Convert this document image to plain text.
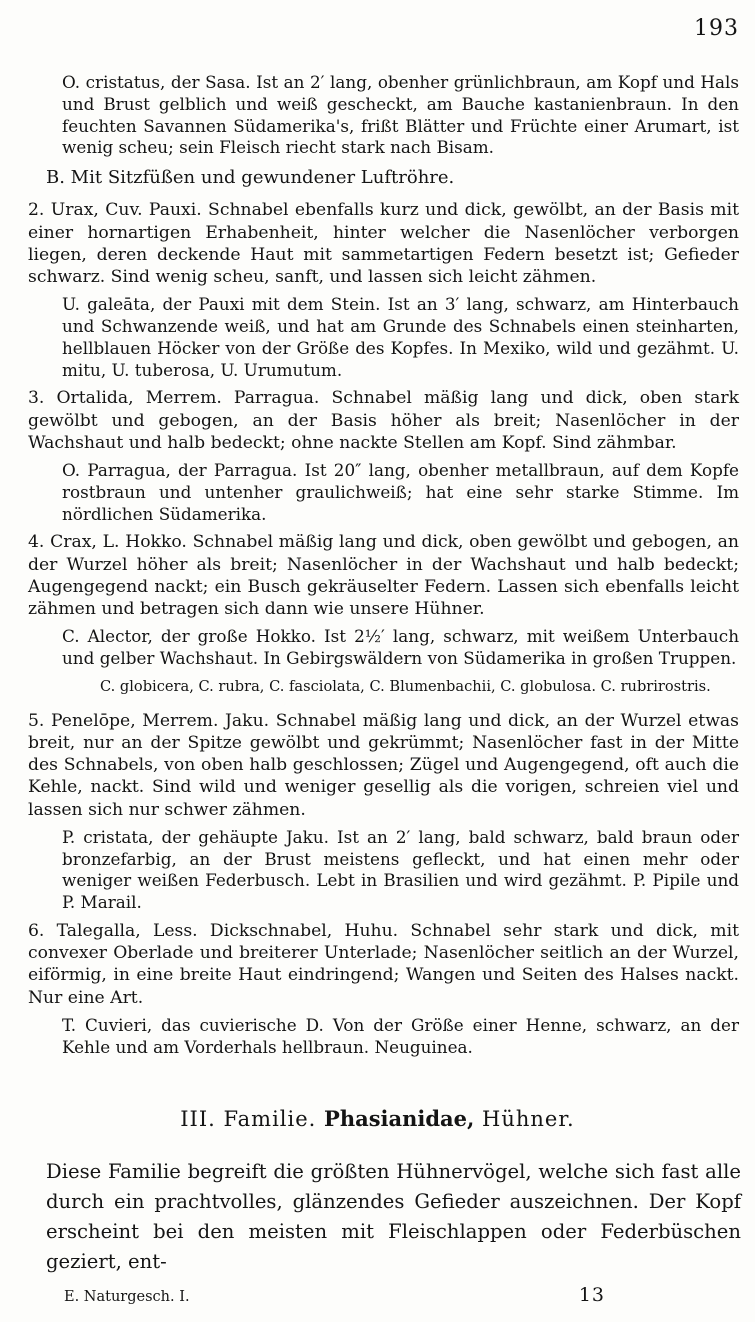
193

O. cristatus, der Sasa. Ist an 2′ lang, obenher grünlichbraun, am Kopf und Hals und Brust gelblich und weiß gescheckt, am Bauche kastanienbraun. In den feuchten Savannen Südamerika's, frißt Blätter und Früchte einer Arumart, ist wenig scheu; sein Fleisch riecht stark nach Bisam.

B. Mit Sitzfüßen und gewundener Luftröhre.

2. Urax, Cuv. Pauxi. Schnabel ebenfalls kurz und dick, gewölbt, an der Basis mit einer hornartigen Erhabenheit, hinter welcher die Nasenlöcher verborgen liegen, deren deckende Haut mit sammetartigen Federn besetzt ist; Gefieder schwarz. Sind wenig scheu, sanft, und lassen sich leicht zähmen.

U. galeāta, der Pauxi mit dem Stein. Ist an 3′ lang, schwarz, am Hinterbauch und Schwanzende weiß, und hat am Grunde des Schnabels einen steinharten, hellblauen Höcker von der Größe des Kopfes. In Mexiko, wild und gezähmt. U. mitu, U. tuberosa, U. Urumutum.

3. Ortalida, Merrem. Parragua. Schnabel mäßig lang und dick, oben stark gewölbt und gebogen, an der Basis höher als breit; Nasenlöcher in der Wachshaut und halb bedeckt; ohne nackte Stellen am Kopf. Sind zähmbar.

O. Parragua, der Parragua. Ist 20″ lang, obenher metallbraun, auf dem Kopfe rostbraun und untenher graulichweiß; hat eine sehr starke Stimme. Im nördlichen Südamerika.

4. Crax, L. Hokko. Schnabel mäßig lang und dick, oben gewölbt und gebogen, an der Wurzel höher als breit; Nasenlöcher in der Wachshaut und halb bedeckt; Augengegend nackt; ein Busch gekräuselter Federn. Lassen sich ebenfalls leicht zähmen und betragen sich dann wie unsere Hühner.

C. Alector, der große Hokko. Ist 2½′ lang, schwarz, mit weißem Unterbauch und gelber Wachshaut. In Gebirgswäldern von Südamerika in großen Truppen.

C. globicera, C. rubra, C. fasciolata, C. Blumenbachii, C. globulosa. C. rubrirostris.

5. Penelōpe, Merrem. Jaku. Schnabel mäßig lang und dick, an der Wurzel etwas breit, nur an der Spitze gewölbt und gekrümmt; Nasenlöcher fast in der Mitte des Schnabels, von oben halb geschlossen; Zügel und Augengegend, oft auch die Kehle, nackt. Sind wild und weniger gesellig als die vorigen, schreien viel und lassen sich nur schwer zähmen.

P. cristata, der gehäupte Jaku. Ist an 2′ lang, bald schwarz, bald braun oder bronzefarbig, an der Brust meistens gefleckt, und hat einen mehr oder weniger weißen Federbusch. Lebt in Brasilien und wird gezähmt. P. Pipile und P. Marail.

6. Talegalla, Less. Dickschnabel, Huhu. Schnabel sehr stark und dick, mit convexer Oberlade und breiterer Unterlade; Nasenlöcher seitlich an der Wurzel, eiförmig, in eine breite Haut eindringend; Wangen und Seiten des Halses nackt. Nur eine Art.

T. Cuvieri, das cuvierische D. Von der Größe einer Henne, schwarz, an der Kehle und am Vorderhals hellbraun. Neuguinea.

III. Familie. Phasianidae, Hühner.

Diese Familie begreift die größten Hühnervögel, welche sich fast alle durch ein prachtvolles, glänzendes Gefieder auszeichnen. Der Kopf erscheint bei den meisten mit Fleischlappen oder Federbüschen geziert, ent-

E. Naturgesch. I.	13
